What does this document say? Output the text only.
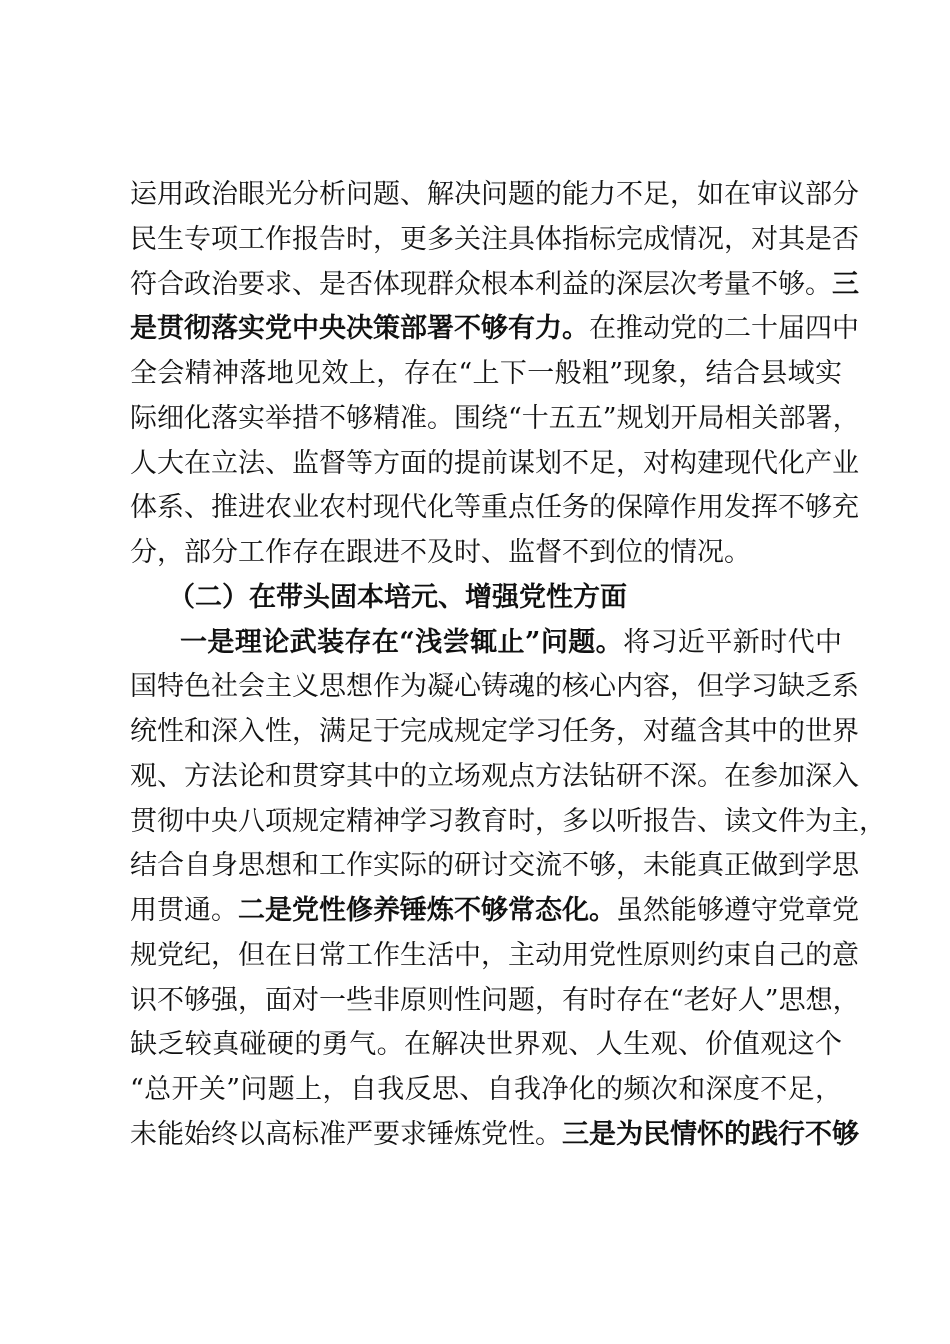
运用政治眼光分析问题、解决问题的能力不足，如在审议部分
民生专项工作报告时，更多关注具体指标完成情况，对其是否
符合政治要求、是否体现群众根本利益的深层次考量不够。三
是贯彻落实党中央决策部署不够有力。在推动党的二十届四中
全会精神落地见效上，存在“上下一般粗”现象，结合县域实
际细化落实举措不够精准。围绕“十五五”规划开局相关部署，
人大在立法、监督等方面的提前谋划不足，对构建现代化产业
体系、推进农业农村现代化等重点任务的保障作用发挥不够充
分，部分工作存在跟进不及时、监督不到位的情况。
（二）在带头固本培元、增强党性方面
一是理论武装存在“浅尝辄止”问题。将习近平新时代中
国特色社会主义思想作为凝心铸魂的核心内容，但学习缺乏系
统性和深入性，满足于完成规定学习任务，对蕴含其中的世界
观、方法论和贯穿其中的立场观点方法钻研不深。在参加深入
贯彻中央八项规定精神学习教育时，多以听报告、读文件为主，
结合自身思想和工作实际的研讨交流不够，未能真正做到学思
用贯通。二是党性修养锤炼不够常态化。虽然能够遵守党章党
规党纪，但在日常工作生活中，主动用党性原则约束自己的意
识不够强，面对一些非原则性问题，有时存在“老好人”思想，
缺乏较真碰硬的勇气。在解决世界观、人生观、价值观这个
“总开关”问题上，自我反思、自我净化的频次和深度不足，
未能始终以高标准严要求锤炼党性。三是为民情怀的践行不够
